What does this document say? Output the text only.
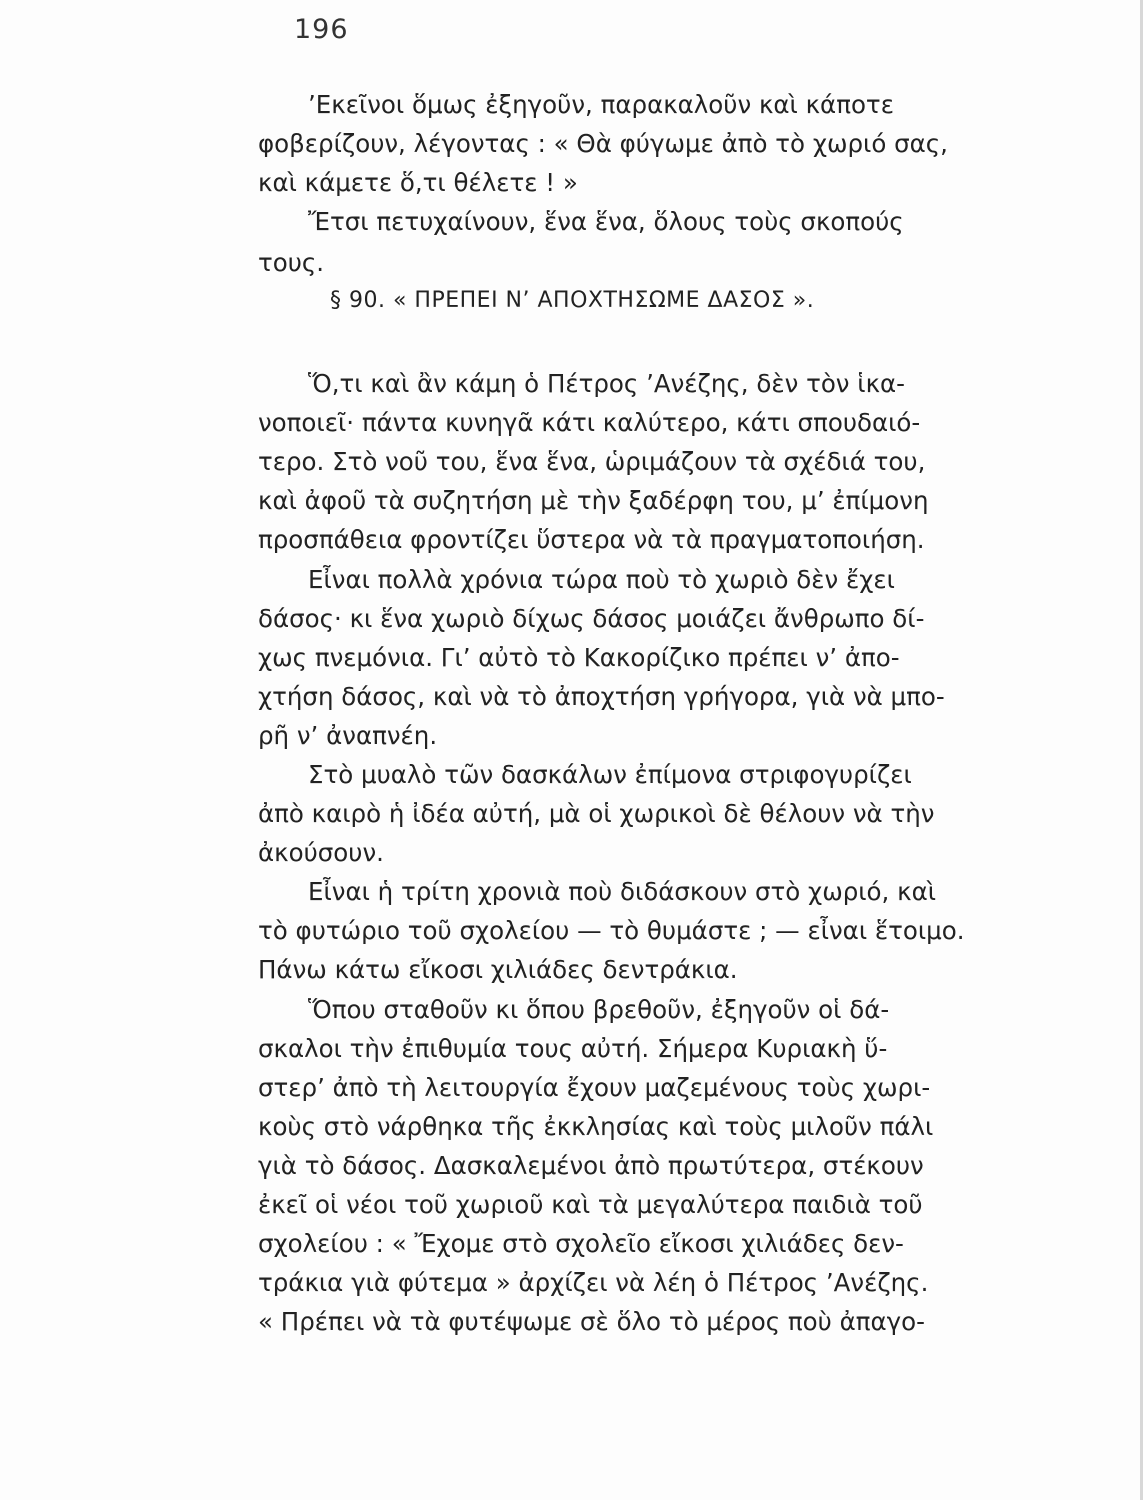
196
’Εκεῖνοι ὅμως ἐξηγοῦν, παρακαλοῦν καὶ κάποτε
φοβερίζουν, λέγοντας : « Θὰ φύγωμε ἀπὸ τὸ χωριό σας,
καὶ κάμετε ὅ,τι θέλετε ! »
Ἔτσι πετυχαίνουν, ἕνα ἕνα, ὅλους τοὺς σκοπούς
τους.
§ 90. « ΠΡΕΠΕΙ Ν’ ΑΠΟΧΤΗΣΩΜΕ ΔΑΣΟΣ ».
Ὅ,τι καὶ ἂν κάμη ὁ Πέτρος ’Ανέζης, δὲν τὸν ἱκα-
νοποιεῖ· πάντα κυνηγᾶ κάτι καλύτερο, κάτι σπουδαιό-
τερο. Στὸ νοῦ του, ἕνα ἕνα, ὡριμάζουν τὰ σχέδιά του,
καὶ ἀφοῦ τὰ συζητήση μὲ τὴν ξαδέρφη του, μ’ ἐπίμονη
προσπάθεια φροντίζει ὕστερα νὰ τὰ πραγματοποιήση.
Εἶναι πολλὰ χρόνια τώρα ποὺ τὸ χωριὸ δὲν ἔχει
δάσος· κι ἕνα χωριὸ δίχως δάσος μοιάζει ἄνθρωπο δί-
χως πνεμόνια. Γι’ αὐτὸ τὸ Κακορίζικο πρέπει ν’ ἀπο-
χτήση δάσος, καὶ νὰ τὸ ἀποχτήση γρήγορα, γιὰ νὰ μπο-
ρῆ ν’ ἀναπνέη.
Στὸ μυαλὸ τῶν δασκάλων ἐπίμονα στριφογυρίζει
ἀπὸ καιρὸ ἡ ἰδέα αὐτή, μὰ οἱ χωρικοὶ δὲ θέλουν νὰ τὴν
ἀκούσουν.
Εἶναι ἡ τρίτη χρονιὰ ποὺ διδάσκουν στὸ χωριό, καὶ
τὸ φυτώριο τοῦ σχολείου — τὸ θυμάστε ; — εἶναι ἕτοιμο.
Πάνω κάτω εἴκοσι χιλιάδες δεντράκια.
Ὅπου σταθοῦν κι ὅπου βρεθοῦν, ἐξηγοῦν οἱ δά-
σκαλοι τὴν ἐπιθυμία τους αὐτή. Σήμερα Κυριακὴ ὕ-
στερ’ ἀπὸ τὴ λειτουργία ἔχουν μαζεμένους τοὺς χωρι-
κοὺς στὸ νάρθηκα τῆς ἐκκλησίας καὶ τοὺς μιλοῦν πάλι
γιὰ τὸ δάσος. Δασκαλεμένοι ἀπὸ πρωτύτερα, στέκουν
ἐκεῖ οἱ νέοι τοῦ χωριοῦ καὶ τὰ μεγαλύτερα παιδιὰ τοῦ
σχολείου : « Ἔχομε στὸ σχολεῖο εἴκοσι χιλιάδες δεν-
τράκια γιὰ φύτεμα » ἀρχίζει νὰ λέη ὁ Πέτρος ’Ανέζης.
« Πρέπει νὰ τὰ φυτέψωμε σὲ ὅλο τὸ μέρος ποὺ ἀπαγο-
